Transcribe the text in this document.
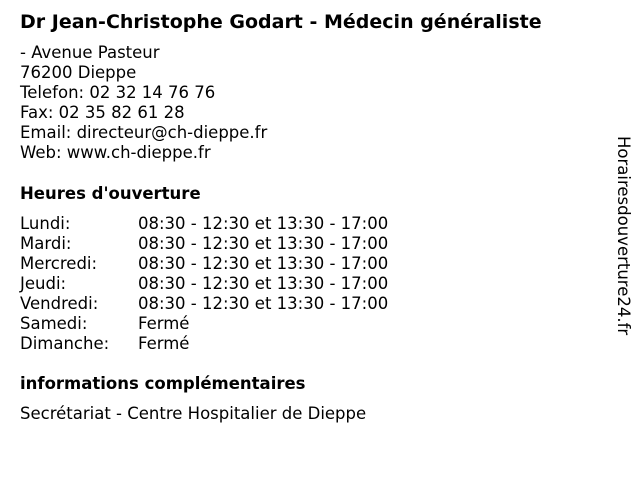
Dr Jean-Christophe Godart - Médecin généraliste
- Avenue Pasteur
76200 Dieppe
Telefon: 02 32 14 76 76
Fax: 02 35 82 61 28
Email: directeur@ch-dieppe.fr
Web: www.ch-dieppe.fr
Heures d'ouverture
Lundi:	08:30 - 12:30 et 13:30 - 17:00
Mardi:	08:30 - 12:30 et 13:30 - 17:00
Mercredi: 08:30 - 12:30 et 13:30 - 17:00
Jeudi:	08:30 - 12:30 et 13:30 - 17:00
Vendredi: 08:30 - 12:30 et 13:30 - 17:00
Samedi:	Fermé
Dimanche: Fermé
informations complémentaires
Secrétariat - Centre Hospitalier de Dieppe
Horairesdouverture24.fr
